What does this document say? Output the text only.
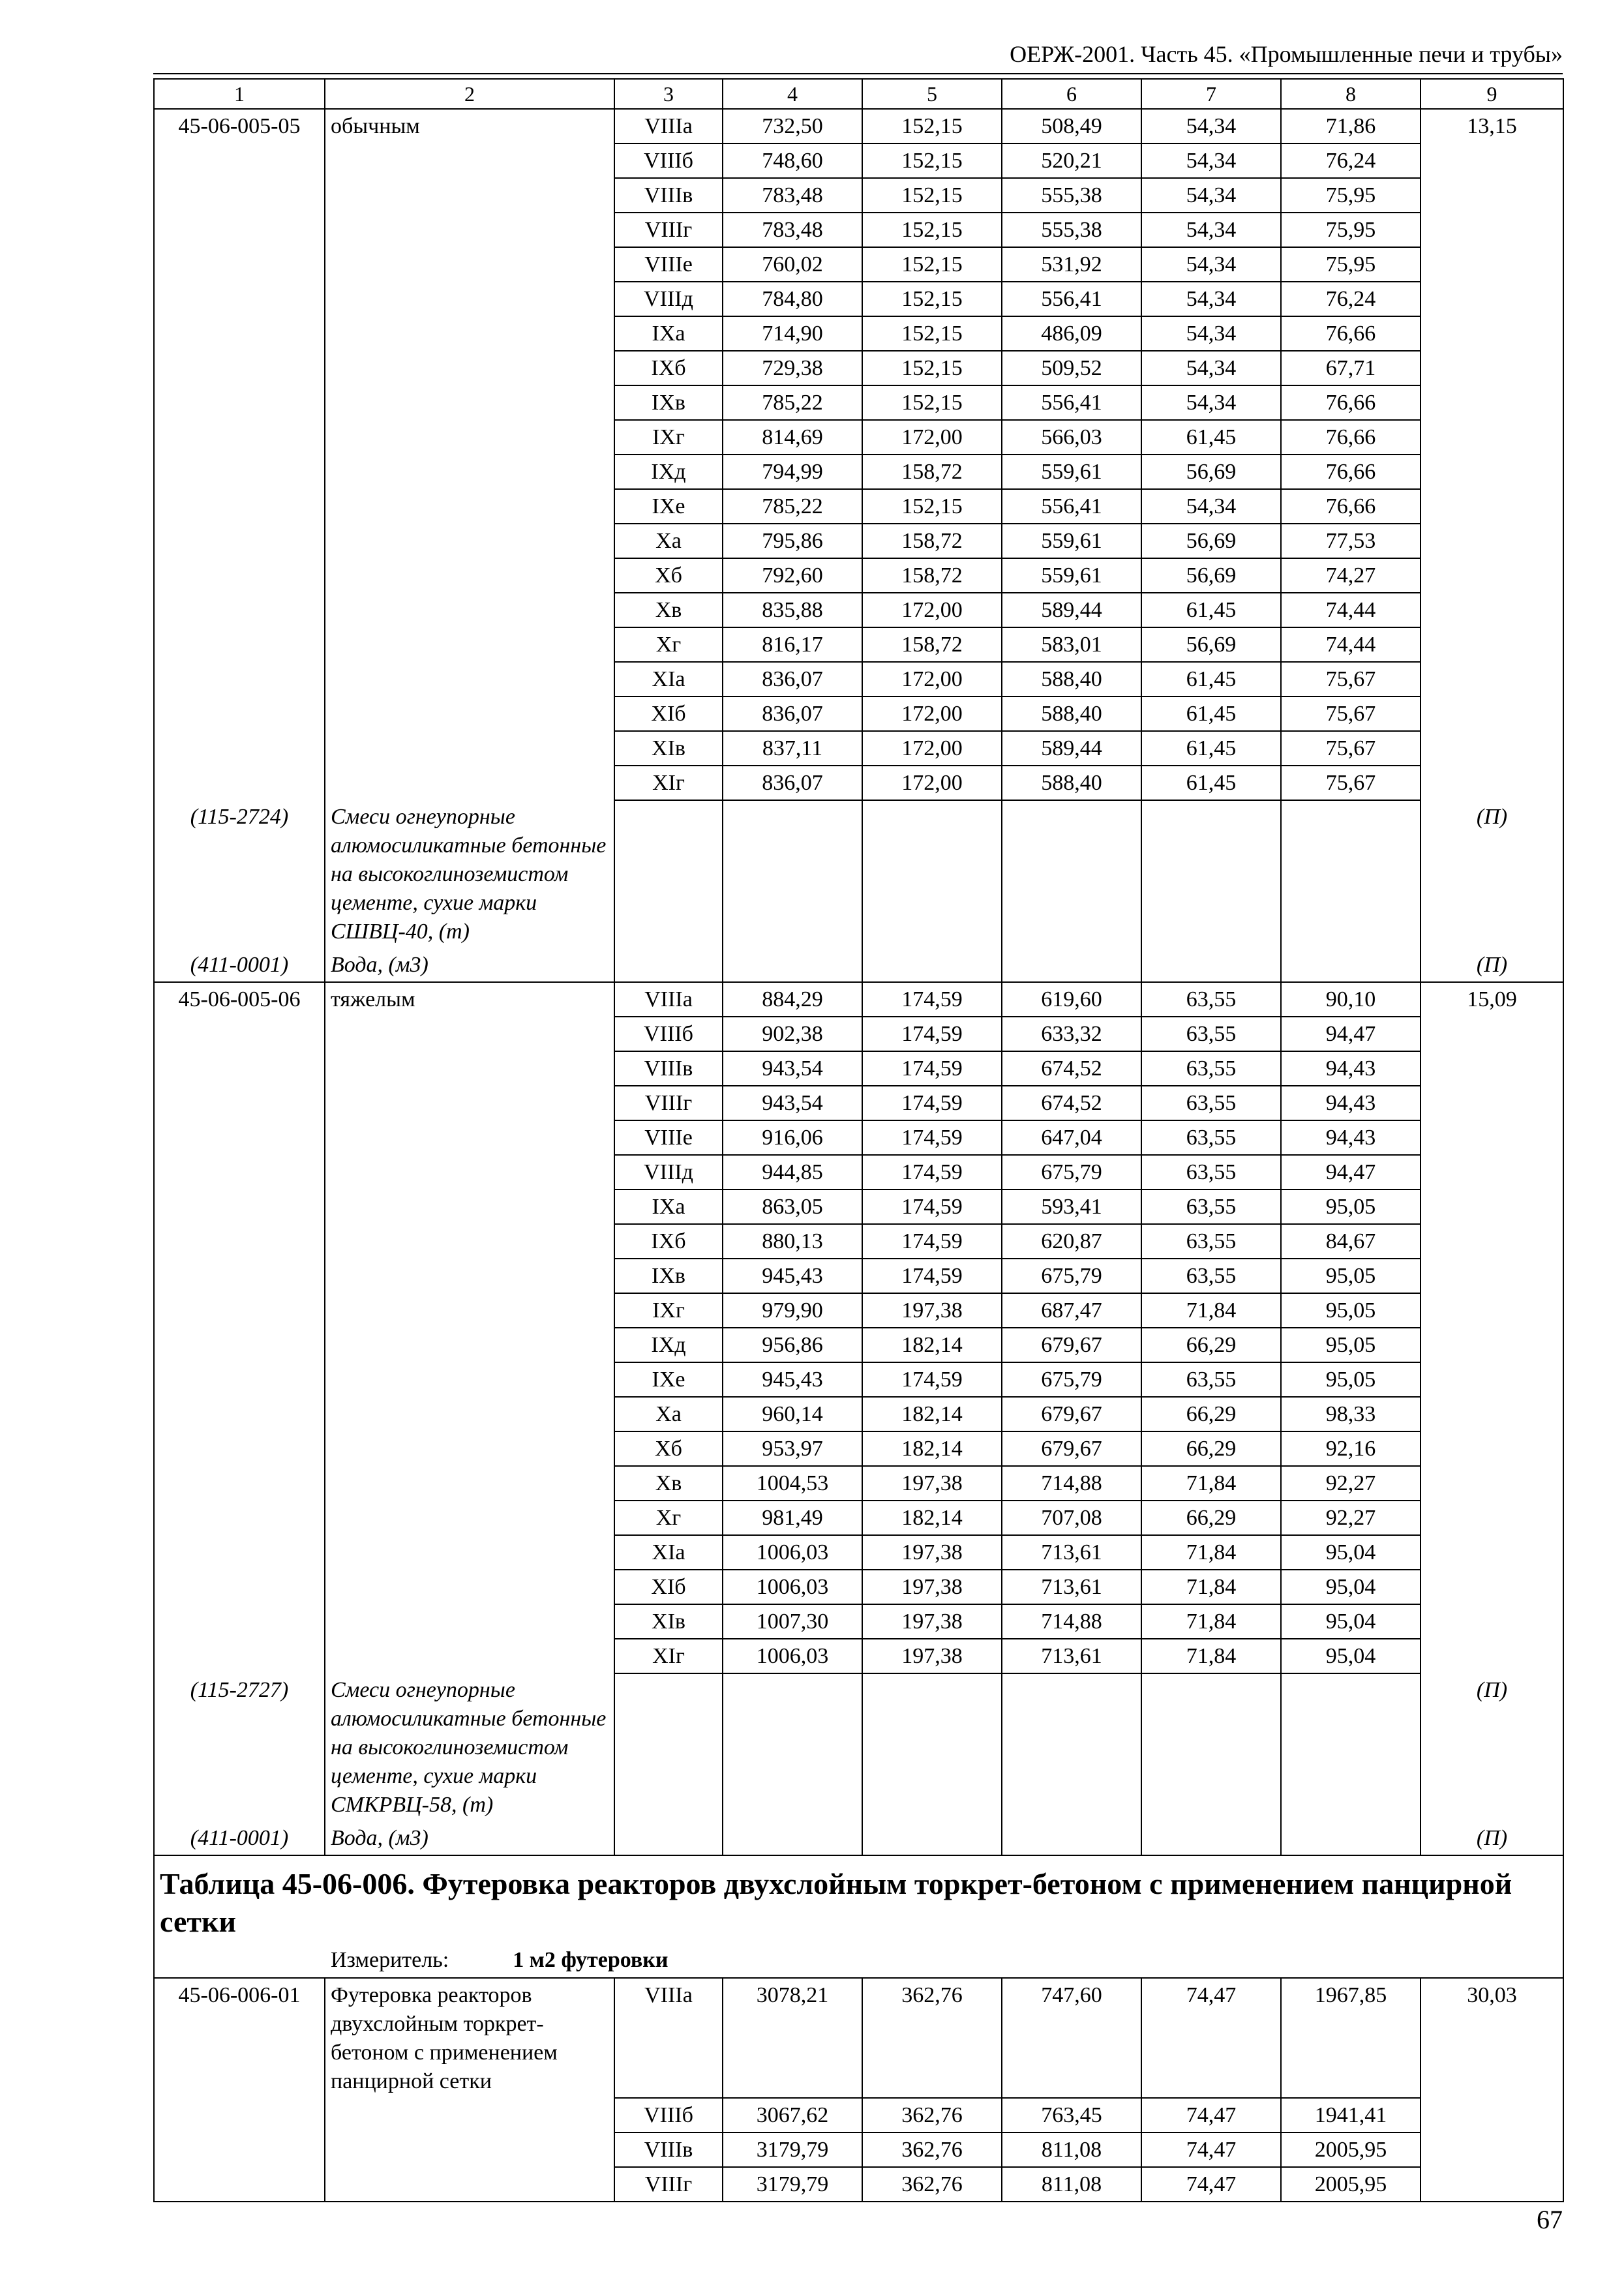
ОЕРЖ-2001. Часть 45. «Промышленные печи и трубы»
1	2	3	4	5	6	7	8	9	
45-06-005-05	обычным	VIIIа	732,50	152,15	508,49	54,34	71,86	13,15	
		VIIIб	748,60	152,15	520,21	54,34	76,24		
		VIIIв	783,48	152,15	555,38	54,34	75,95		
		VIIIг	783,48	152,15	555,38	54,34	75,95		
		VIIIе	760,02	152,15	531,92	54,34	75,95		
		VIIIд	784,80	152,15	556,41	54,34	76,24		
		IXа	714,90	152,15	486,09	54,34	76,66		
		IXб	729,38	152,15	509,52	54,34	67,71		
		IXв	785,22	152,15	556,41	54,34	76,66		
		IXг	814,69	172,00	566,03	61,45	76,66		
		IXд	794,99	158,72	559,61	56,69	76,66		
		IXе	785,22	152,15	556,41	54,34	76,66		
		Xа	795,86	158,72	559,61	56,69	77,53		
		Xб	792,60	158,72	559,61	56,69	74,27		
		Xв	835,88	172,00	589,44	61,45	74,44		
		Xг	816,17	158,72	583,01	56,69	74,44		
		XIа	836,07	172,00	588,40	61,45	75,67		
		XIб	836,07	172,00	588,40	61,45	75,67		
		XIв	837,11	172,00	589,44	61,45	75,67		
		XIг	836,07	172,00	588,40	61,45	75,67		
(115-2724)	Смеси огнеупорные алюмосиликатные бетонные на высокоглиноземистом цементе, сухие марки СШВЦ-40, (т)							(П)	
(411-0001)	Вода, (м3)							(П)	
45-06-005-06	тяжелым	VIIIа	884,29	174,59	619,60	63,55	90,10	15,09	
		VIIIб	902,38	174,59	633,32	63,55	94,47		
		VIIIв	943,54	174,59	674,52	63,55	94,43		
		VIIIг	943,54	174,59	674,52	63,55	94,43		
		VIIIе	916,06	174,59	647,04	63,55	94,43		
		VIIIд	944,85	174,59	675,79	63,55	94,47		
		IXа	863,05	174,59	593,41	63,55	95,05		
		IXб	880,13	174,59	620,87	63,55	84,67		
		IXв	945,43	174,59	675,79	63,55	95,05		
		IXг	979,90	197,38	687,47	71,84	95,05		
		IXд	956,86	182,14	679,67	66,29	95,05		
		IXе	945,43	174,59	675,79	63,55	95,05		
		Xа	960,14	182,14	679,67	66,29	98,33		
		Xб	953,97	182,14	679,67	66,29	92,16		
		Xв	1004,53	197,38	714,88	71,84	92,27		
		Xг	981,49	182,14	707,08	66,29	92,27		
		XIа	1006,03	197,38	713,61	71,84	95,04		
		XIб	1006,03	197,38	713,61	71,84	95,04		
		XIв	1007,30	197,38	714,88	71,84	95,04		
		XIг	1006,03	197,38	713,61	71,84	95,04		
(115-2727)	Смеси огнеупорные алюмосиликатные бетонные на высокоглиноземистом цементе, сухие марки СМКРВЦ-58, (т)							(П)	
(411-0001)	Вода, (м3)							(П)	
Таблица 45-06-006. Футеровка реакторов двухслойным торкрет-бетоном с применением панцирной сетки									
Измеритель: 1 м2 футеровки									
45-06-006-01	Футеровка реакторов двухслойным торкрет-бетоном с применением панцирной сетки	VIIIа	3078,21	362,76	747,60	74,47	1967,85	30,03	
		VIIIб	3067,62	362,76	763,45	74,47	1941,41		
		VIIIв	3179,79	362,76	811,08	74,47	2005,95		
		VIIIг	3179,79	362,76	811,08	74,47	2005,95		
67
